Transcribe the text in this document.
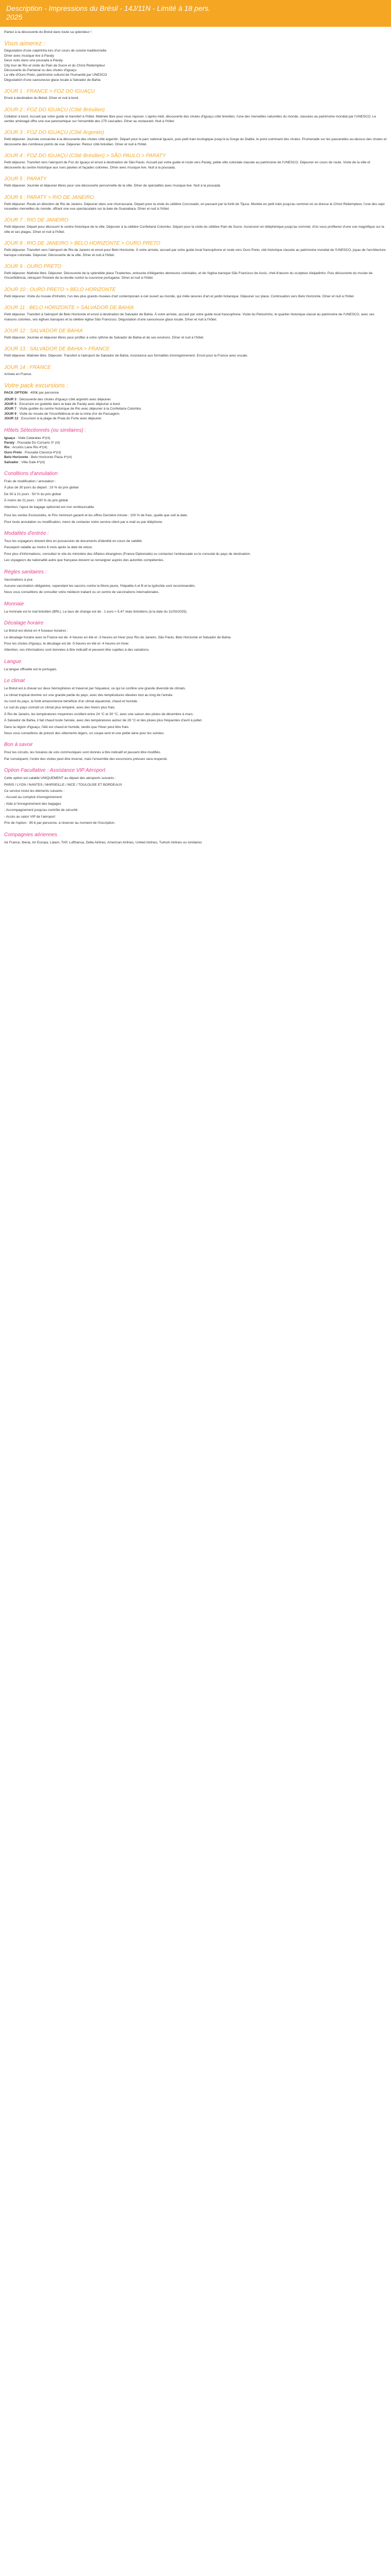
Description - Impressions du Brésil - 14J/11N - Limité à 18 pers.
2025
Partez à la découverte du Brésil dans toute sa splendeur !
Vous aimerez :
Dégustation d'une caipirinha lors d'un cours de cuisine traditionnelle
Dîner avec musique live à Paraty
Deux nuits dans une pousada à Paraty
City tour de Rio et visite du Pain de Sucre et du Christ Rédempteur
Découverte du Pantanal ou des chutes d'Iguaçu
La ville d'Ouro Preto, patrimoine culturel de l'humanité par UNESCO
Dégustation d'une savoureuse glace locale à Salvador de Bahia
JOUR 1 : FRANCE > FOZ DO IGUAÇU
Envol à destination du Brésil. Dîner et nuit à bord.
JOUR 2 : FOZ DO IGUAÇU (Côté Brésilien)
Collation à bord. Accueil par votre guide et transfert à l'hôtel. Matinée libre pour vous reposer. L'après-midi, découverte des chutes d'Iguaçu côté brésilien, l'une des merveilles naturelles du monde, classées au patrimoine mondial par l'UNESCO. Le sentier aménagé offre une vue panoramique sur l'ensemble des 275 cascades. Dîner au restaurant. Nuit à l'hôtel.
JOUR 3 : FOZ DO IGUAÇU (Côté Argentin)
Petit déjeuner. Journée consacrée à la découverte des chutes côté argentin. Départ pour le parc national Iguazú, puis petit train écologique jusqu'à la Gorge du Diable, le point culminant des chutes. Promenade sur les passerelles au-dessus des chutes et découverte des nombreux points de vue. Déjeuner. Retour côté brésilien. Dîner et nuit à l'hôtel.
JOUR 4 : FOZ DO IGUAÇU (Côté Brésilien) > SÃO PAULO > PARATY
Petit déjeuner. Transfert vers l'aéroport de Foz do Iguaçu et envol à destination de São Paulo. Accueil par votre guide et route vers Paraty, petite ville coloniale classée au patrimoine de l'UNESCO. Déjeuner en cours de route. Visite de la ville et découverte du centre historique aux rues pavées et façades colorées. Dîner avec musique live. Nuit à la pousada.
JOUR 5 : PARATY
Petit déjeuner. Journée et déjeuner libres pour une découverte personnelle de la ville. Dîner de spécialités avec musique live. Nuit à la pousada.
JOUR 6 : PARATY > RIO DE JANEIRO
Petit déjeuner. Route en direction de Rio de Janeiro. Déjeuner dans une churrascaria. Départ pour la visite du célèbre Corcovado, en passant par la forêt de Tijuca. Montée en petit train jusqu'au sommet où se dresse le Christ Rédempteur, l'une des sept nouvelles merveilles du monde, offrant une vue spectaculaire sur la baie de Guanabara. Dîner et nuit à l'hôtel.
JOUR 7 : RIO DE JANEIRO
Petit déjeuner. Départ pour découvrir le centre historique de la ville. Déjeuner à la célèbre Confeitaria Colombo. Départ pour la visite du célèbre Pain de Sucre. Ascension en téléphérique jusqu'au sommet, d'où vous profiterez d'une vue magnifique sur la ville et ses plages. Dîner et nuit à l'hôtel.
JOUR 8 : RIO DE JANEIRO > BELO HORIZONTE > OURO PRETO
Petit déjeuner. Transfert vers l'aéroport de Rio de Janeiro et envol pour Belo Horizonte. À votre arrivée, accueil par votre guide local francophone et route vers Ouro Preto, cité historique classée au patrimoine mondial de l'UNESCO, joyau de l'architecture baroque coloniale. Déjeuner. Découverte de la ville. Dîner et nuit à l'hôtel.
JOUR 9 : OURO PRETO
Petit déjeuner. Matinée libre. Déjeuner. Découverte de la splendide place Tiradentes, entourée d'élégantes demeures coloniales, et de l'église baroque São Francisco de Assis, chef-d'œuvre du sculpteur Aleijadinho. Puis découverte du musée de l'Inconfidência, retraçant l'histoire de la révolte contre la couronne portugaise. Dîner et nuit à l'hôtel.
JOUR 10 : OURO PRETO > BELO HORIZONTE
Petit déjeuner. Visite du musée d'Inhotim, l'un des plus grands musées d'art contemporain à ciel ouvert au monde, qui mêle œuvres d'art et jardin botanique. Déjeuner sur place. Continuation vers Belo Horizonte. Dîner et nuit à l'hôtel.
JOUR 11 : BELO HORIZONTE > SALVADOR DE BAHIA
Petit déjeuner. Transfert à l'aéroport de Belo Horizonte et envol à destination de Salvador de Bahia. À votre arrivée, accueil par votre guide local francophone. Visite du Pelourinho, le quartier historique classé au patrimoine de l'UNESCO, avec ses maisons colorées, ses églises baroques et la célèbre église São Francisco. Dégustation d'une savoureuse glace locale. Dîner et nuit à l'hôtel.
JOUR 12 : SALVADOR DE BAHIA
Petit déjeuner. Journée et déjeuner libres pour profiter à votre rythme de Salvador de Bahia et de ses environs. Dîner et nuit à l'hôtel.
JOUR 13 : SALVADOR DE BAHIA > FRANCE
Petit déjeuner. Matinée libre. Déjeuner. Transfert à l'aéroport de Salvador de Bahia. Assistance aux formalités d'enregistrement. Envol pour la France avec escale.
JOUR 14 : FRANCE
Arrivée en France.
Votre pack excursions :
PACK OPTION : 400€ par personne
JOUR 3 : Découverte des chutes d'Iguaçu côté argentin avec déjeuner.
JOUR 5 : Excursion en goélette dans la baie de Paraty avec déjeuner à bord.
JOUR 7 : Visite guidée du centre historique de Rio avec déjeuner à la Confeitaria Colombo.
JOUR 9 : Visite du musée de l'Inconfidência et de la mine d'or de Passagem.
JOUR 12 : Excursion à la plage de Praia do Forte avec déjeuner.
Hôtels Sélectionnés (ou similaires) :
Iguaçu : Viale Cataratas 4*(nl)
Paraty : Pousada Do Corsario 3* (nl)
Rio : Arcoiris Lane Rio 4*(nl)
Ouro Preto : Pousada Classica 4*(nl)
Belo Horizonte : Belo Horizonte Plaza 4*(nl)
Salvador : Villa Gale 4*(nl)
Conditions d'annulation
Frais de modification / annulation :
À plus de 30 jours du départ : 10 % du prix global
De 30 à 21 jours : 50 % du prix global
À moins de 21 jours : 100 % du prix global
Attention, l'ajout de bagage optionnel est non remboursable.
Pour les ventes Exclusivités, le Prix minimum garanti et les offres Dernière minute : 100 % de frais, quelle que soit la date.
Pour toute annulation ou modification, merci de contacter notre service client par e-mail ou par téléphone.
Modalités d'entrée :
Tous les voyageurs doivent être en possession de documents d'identité en cours de validité.
Passeport valable au moins 6 mois après la date de retour.
Pour plus d'informations, consultez le site du ministère des Affaires étrangères (France Diplomatie) ou contactez l'ambassade ou le consulat du pays de destination.
Les voyageurs de nationalité autre que française doivent se renseigner auprès des autorités compétentes.
Règles sanitaires :
Vaccinations à jour.
Aucune vaccination obligatoire, cependant les vaccins contre la fièvre jaune, l'hépatite A et B et la typhoïde sont recommandés.
Nous vous conseillons de consulter votre médecin traitant ou un centre de vaccinations internationales.
Monnaie
La monnaie est le real brésilien (BRL). Le taux de change est de : 1 euro = 5,47 réais brésiliens (à la date du 11/03/2025).
Décalage horaire
Le Brésil est divisé en 4 fuseaux horaires :
Le décalage horaire avec la France est de -4 heures en été et -3 heures en hiver pour Rio de Janeiro, São Paulo, Belo Horizonte et Salvador de Bahia.
Pour les chutes d'Iguaçu, le décalage est de -5 heures en été et -4 heures en hiver.
Attention, ces informations sont données à titre indicatif et peuvent être sujettes à des variations.
Langue
La langue officielle est le portugais.
Le climat
Le Brésil est à cheval sur deux hémisphères et traversé par l'équateur, ce qui lui confère une grande diversité de climats.
Le climat tropical domine sur une grande partie du pays, avec des températures élevées tout au long de l'année.
Au nord du pays, la forêt amazonienne bénéficie d'un climat équatorial, chaud et humide.
Le sud du pays connaît un climat plus tempéré, avec des hivers plus frais.
À Rio de Janeiro, les températures moyennes oscillent entre 24 °C et 30 °C, avec une saison des pluies de décembre à mars.
À Salvador de Bahia, il fait chaud toute l'année, avec des températures autour de 28 °C et des pluies plus fréquentes d'avril à juillet.
Dans la région d'Iguaçu, l'été est chaud et humide, tandis que l'hiver peut être frais.
Nous vous conseillons de prévoir des vêtements légers, un coupe-vent et une petite laine pour les soirées.
Bon à savoir
Pour les circuits, les horaires de vols communiqués sont donnés à titre indicatif et peuvent être modifiés.
Par conséquent, l'ordre des visites peut être inversé, mais l'ensemble des excursions prévues sera respecté.
Option Facultative : Assistance VIP Aéroport
Cette option est valable UNIQUEMENT au départ des aéroports suivants :
PARIS / LYON / NANTES / MARSEILLE / NICE / TOULOUSE ET BORDEAUX
Ce service inclut les éléments suivants :
- Accueil au comptoir d'enregistrement
- Aide à l'enregistrement des bagages
- Accompagnement jusqu'au contrôle de sécurité
- Accès au salon VIP de l'aéroport
Prix de l'option : 95 € par personne, à réserver au moment de l'inscription.
Compagnies aériennes
Air France, Iberia, Air Europa, Latam, TAP, Lufthansa, Delta Airlines, American Airlines, United Airlines, Turkish Airlines ou similaires
